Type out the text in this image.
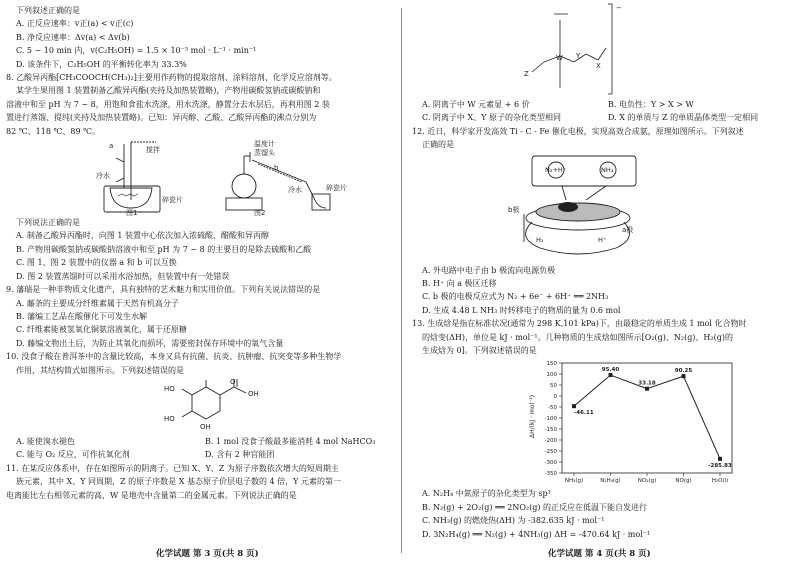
下列叙述正确的是
A. 正反应速率：v正(a) < v正(c)
B. 净反应速率：Δv(a) < Δv(b)
C. 5 ~ 10 min 内，v(C₂H₅OH) = 1.5 × 10⁻³ mol · L⁻¹ · min⁻¹
D. 该条件下，C₂H₅OH 的平衡转化率为 33.3%
8. 乙酸异丙酯[CH₃COOCH(CH₃)₂]主要用作药物的提取溶剂、涂料溶剂、化学反应溶剂等。
某学生果用图 1 装置制备乙酸异丙酯(夹持及加热装置略)，产物用碳酸氢钠或碳酸钠和
溶液中和至 pH 为 7 ~ 8，用饱和食盐水洗涤，用水洗涤，静置分去水层后，再利用图 2 装
置进行蒸馏、提纯(夹持及加热装置略)。已知：异丙醇、乙酸、乙酸异丙酯的沸点分别为
82 ℃、118 ℃、89 ℃。
搅拌
冷水
碎瓷片
图1
a	温度计
蒸馏头
冷水	碎瓷片
图2
b
下列说法正确的是
A. 制备乙酸异丙酯时，向图 1 装置中心依次加入浓硫酸、醋酸和异丙醇
B. 产物用碳酸氢钠或碳酸钠溶液中和至 pH 为 7 ~ 8 的主要目的是除去硫酸和乙酸
C. 图 1、图 2 装置中的仪器 a 和 b 可以互换
D. 图 2 装置蒸馏时可以采用水浴加热，但装置中有一处错误
9. 藩瑞是一种非物质文化遗产，具有独特的艺术魅力和实用价值。下列有关说法错误的是
A. 藤条的主要成分纤维素属于天然有机高分子
B. 藩编工艺品在酸催化下可发生水解
C. 纤维素能被氢氧化铜氨溶液氧化，属于还原糖
D. 藤编文物出土后，为防止其氧化而损坏，需要密封保存环境中的氧气含量
10. 没食子酸在普洱茶中的含量比较高，本身又具有抗菌、抗炎、抗肿瘤、抗突变等多种生物学
作用，其结构简式如图所示。下列叙述错误的是
HO
HO
OH
OH
O
A. 能使溴水褪色	B. 1 mol 没食子酸最多能消耗 4 mol NaHCO₃
C. 能与 O₂ 反应，可作抗氧化剂	D. 含有 2 种官能团
11. 在某反应体系中，存在如图所示的阴离子。已知 X、Y、Z 为原子序数依次增大的短周期主
族元素，其中 X、Y 同周期，Z 的原子序数是 X 基态原子价层电子数的 4 倍，Y 元素的第一
电离能比左右相邻元素的高，W 是地壳中含量第二的金属元素。下列说法正确的是
化学试题 第 3 页(共 8 页)
Z
W Y
X
−
A. 阴离子中 W 元素显 + 6 价	B. 电负性：Y > X > W
C. 阴离子中 X、Y 原子的杂化类型相同	D. X 的单质与 Z 的单质晶体类型一定相同
12. 近日，科学家开发高效 Ti - C - Fe 催化电极，实现高效合成氨，原理如图所示。下列叙述
正确的是
N₂+H⁺	NH₃
b极
a极
H₂	H⁺
A. 外电路中电子由 b 极流向电源负极
B. H⁺ 向 a 极区迁移
C. b 极的电极反应式为 N₂ + 6e⁻ + 6H⁺ ══ 2NH₃
D. 生成 4.48 L NH₃ 时转移电子的物质的量为 0.6 mol
13. 生成焓是指在标准状况(通常为 298 K,101 kPa)下，由最稳定的单质生成 1 mol 化合物时
的焓变(ΔH)，单位是 kJ · mol⁻¹。几种物质的生成焓如图所示[O₂(g)、N₂(g)、H₂(g)的
生成焓为 0]。下列叙述错误的是
150
100
50
0
-50
-100
-150
-200
-250
-300
-350
NH₃(g)	N₂H₄(g)	NO₂(g)	NO(g)	H₂O(l)
-46.11
95.40
33.18
90.25
-285.83
ΔH/(kJ · mol⁻¹)
A. N₂H₄ 中氮原子的杂化类型为 sp³
B. N₂(g) + 2O₂(g) ══ 2NO₂(g) 的正反应在低温下能自发进行
C. NH₃(g) 的燃烧热(ΔH) 为 -382.635 kJ · mol⁻¹
D. 3N₂H₄(g) ══ N₂(g) + 4NH₃(g) ΔH = -470.64 kJ · mol⁻¹
化学试题 第 4 页(共 8 页)
